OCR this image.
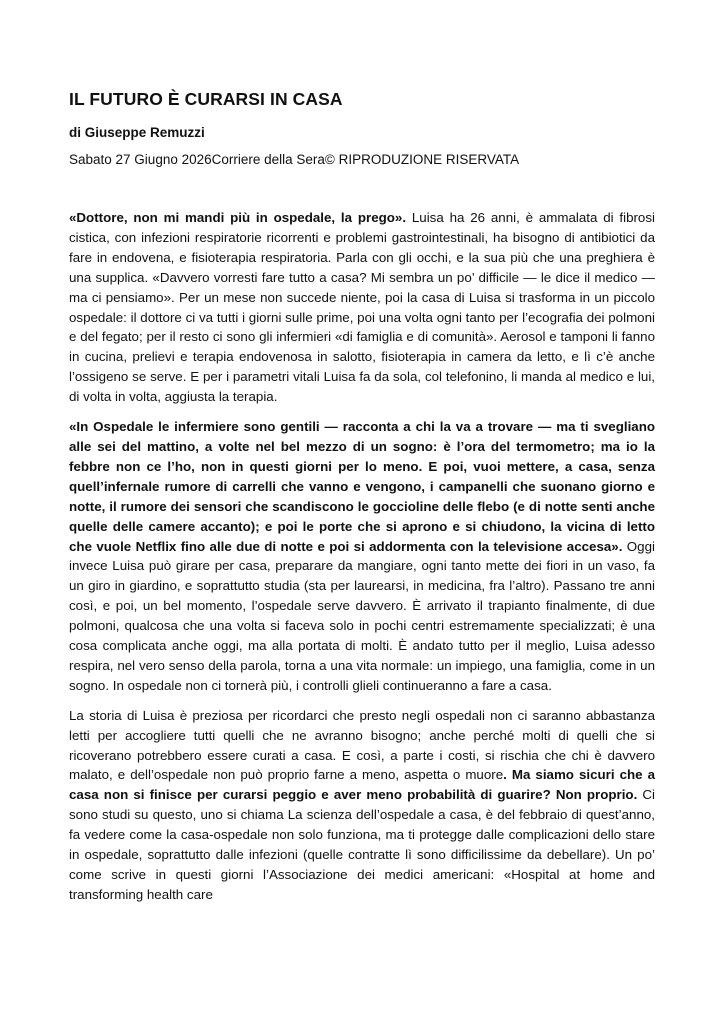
IL FUTURO È CURARSI IN CASA
di Giuseppe Remuzzi
Sabato 27 Giugno 2026Corriere della Sera© RIPRODUZIONE RISERVATA

«Dottore, non mi mandi più in ospedale, la prego». Luisa ha 26 anni, è ammalata di fibrosi cistica, con infezioni respiratorie ricorrenti e problemi gastrointestinali, ha bisogno di antibiotici da fare in endovena, e fisioterapia respiratoria. Parla con gli occhi, e la sua più che una preghiera è una supplica. «Davvero vorresti fare tutto a casa? Mi sembra un po’ difficile — le dice il medico — ma ci pensiamo». Per un mese non succede niente, poi la casa di Luisa si trasforma in un piccolo ospedale: il dottore ci va tutti i giorni sulle prime, poi una volta ogni tanto per l’ecografia dei polmoni e del fegato; per il resto ci sono gli infermieri «di famiglia e di comunità». Aerosol e tamponi li fanno in cucina, prelievi e terapia endovenosa in salotto, fisioterapia in camera da letto, e lì c’è anche l’ossigeno se serve. E per i parametri vitali Luisa fa da sola, col telefonino, li manda al medico e lui, di volta in volta, aggiusta la terapia.

«In Ospedale le infermiere sono gentili — racconta a chi la va a trovare — ma ti svegliano alle sei del mattino, a volte nel bel mezzo di un sogno: è l’ora del termometro; ma io la febbre non ce l’ho, non in questi giorni per lo meno. E poi, vuoi mettere, a casa, senza quell’infernale rumore di carrelli che vanno e vengono, i campanelli che suonano giorno e notte, il rumore dei sensori che scandiscono le goccioline delle flebo (e di notte senti anche quelle delle camere accanto); e poi le porte che si aprono e si chiudono, la vicina di letto che vuole Netflix fino alle due di notte e poi si addormenta con la televisione accesa». Oggi invece Luisa può girare per casa, preparare da mangiare, ogni tanto mette dei fiori in un vaso, fa un giro in giardino, e soprattutto studia (sta per laurearsi, in medicina, fra l’altro). Passano tre anni così, e poi, un bel momento, l’ospedale serve davvero. È arrivato il trapianto finalmente, di due polmoni, qualcosa che una volta si faceva solo in pochi centri estremamente specializzati; è una cosa complicata anche oggi, ma alla portata di molti. È andato tutto per il meglio, Luisa adesso respira, nel vero senso della parola, torna a una vita normale: un impiego, una famiglia, come in un sogno. In ospedale non ci tornerà più, i controlli glieli continueranno a fare a casa.

La storia di Luisa è preziosa per ricordarci che presto negli ospedali non ci saranno abbastanza letti per accogliere tutti quelli che ne avranno bisogno; anche perché molti di quelli che si ricoverano potrebbero essere curati a casa. E così, a parte i costi, si rischia che chi è davvero malato, e dell’ospedale non può proprio farne a meno, aspetta o muore. Ma siamo sicuri che a casa non si finisce per curarsi peggio e aver meno probabilità di guarire? Non proprio. Ci sono studi su questo, uno si chiama La scienza dell’ospedale a casa, è del febbraio di quest’anno, fa vedere come la casa-ospedale non solo funziona, ma ti protegge dalle complicazioni dello stare in ospedale, soprattutto dalle infezioni (quelle contratte lì sono difficilissime da debellare). Un po’ come scrive in questi giorni l’Associazione dei medici americani: «Hospital at home and transforming health care
